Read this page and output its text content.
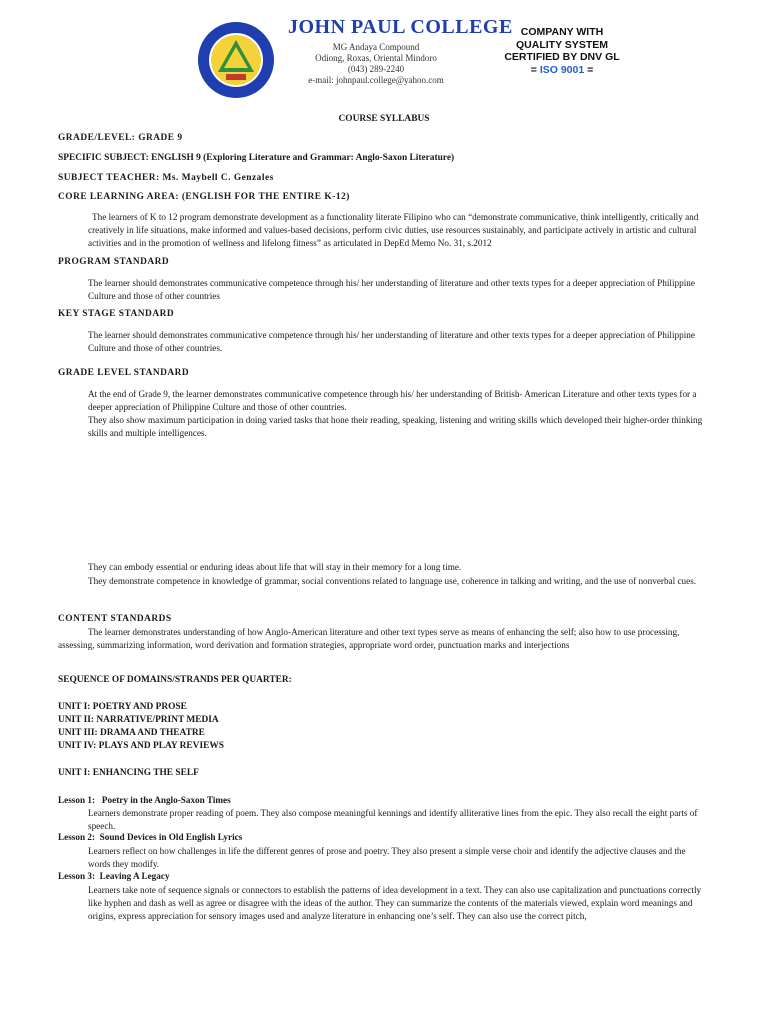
JOHN PAUL COLLEGE
MG Andaya Compound
Odiong, Roxas, Oriental Mindoro
(043) 289-2240
e-mail: johnpaul.college@yahoo.com
COMPANY WITH
QUALITY SYSTEM
CERTIFIED BY DNV GL
= ISO 9001 =
COURSE SYLLABUS
GRADE/LEVEL: GRADE 9
SPECIFIC SUBJECT: ENGLISH 9 (Exploring Literature and Grammar: Anglo-Saxon Literature)
SUBJECT TEACHER: Ms. Maybell C. Genzales
CORE LEARNING AREA: (ENGLISH FOR THE ENTIRE K-12)
The learners of K to 12 program demonstrate development as a functionality literate Filipino who can “demonstrate communicative, think intelligently, critically and creatively in life situations, make informed and values-based decisions, perform civic duties, use resources sustainably, and participate actively in artistic and cultural activities and in the promotion of wellness and lifelong fitness” as articulated in DepEd Memo No. 31, s.2012
PROGRAM STANDARD
The learner should demonstrates communicative competence through his/ her understanding of literature and other texts types for a deeper appreciation of Philippine Culture and those of other countries
KEY STAGE STANDARD
The learner should demonstrates communicative competence through his/ her understanding of literature and other texts types for a deeper appreciation of Philippine Culture and those of other countries.
GRADE LEVEL STANDARD
At the end of Grade 9, the learner demonstrates communicative competence through his/ her understanding of British- American Literature and other texts types for a deeper appreciation of Philippine Culture and those of other countries.
They also show maximum participation in doing varied tasks that hone their reading, speaking, listening and writing skills which developed their higher-order thinking skills and multiple intelligences.
They can embody essential or enduring ideas about life that will stay in their memory for a long time.
They demonstrate competence in knowledge of grammar, social conventions related to language use, coherence in talking and writing, and the use of nonverbal cues.
CONTENT STANDARDS
The learner demonstrates understanding of how Anglo-American literature and other text types serve as means of enhancing the self; also how to use processing, assessing, summarizing information, word derivation and formation strategies, appropriate word order, punctuation marks and interjections
SEQUENCE OF DOMAINS/STRANDS PER QUARTER:
UNIT I: POETRY AND PROSE
UNIT II: NARRATIVE/PRINT MEDIA
UNIT III: DRAMA AND THEATRE
UNIT IV: PLAYS AND PLAY REVIEWS
UNIT I: ENHANCING THE SELF
Lesson 1: Poetry in the Anglo-Saxon Times
Learners demonstrate proper reading of poem. They also compose meaningful kennings and identify alliterative lines from the epic. They also recall the eight parts of speech.
Lesson 2: Sound Devices in Old English Lyrics
Learners reflect on how challenges in life the different genres of prose and poetry. They also present a simple verse choir and identify the adjective clauses and the words they modify.
Lesson 3: Leaving A Legacy
Learners take note of sequence signals or connectors to establish the patterns of idea development in a text. They can also use capitalization and punctuations correctly like hyphen and dash as well as agree or disagree with the ideas of the author. They can summarize the contents of the materials viewed, explain word meanings and origins, express appreciation for sensory images used and analyze literature in enhancing one’s self. They can also use the correct pitch,
